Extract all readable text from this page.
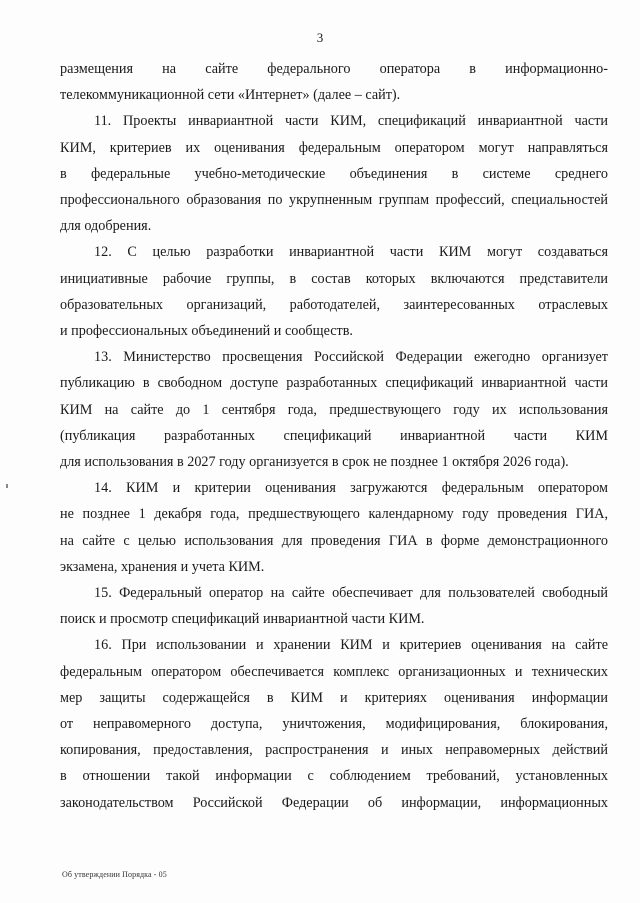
3

размещения на сайте федерального оператора в информационно-
телекоммуникационной сети «Интернет» (далее – сайт).

11. Проекты инвариантной части КИМ, спецификаций инвариантной части
КИМ, критериев их оценивания федеральным оператором могут направляться
в федеральные учебно-методические объединения в системе среднего
профессионального образования по укрупненным группам профессий, специальностей
для одобрения.

12. С целью разработки инвариантной части КИМ могут создаваться
инициативные рабочие группы, в состав которых включаются представители
образовательных организаций, работодателей, заинтересованных отраслевых
и профессиональных объединений и сообществ.

13. Министерство просвещения Российской Федерации ежегодно организует
публикацию в свободном доступе разработанных спецификаций инвариантной части
КИМ на сайте до 1 сентября года, предшествующего году их использования
(публикация разработанных спецификаций инвариантной части КИМ
для использования в 2027 году организуется в срок не позднее 1 октября 2026 года).

14. КИМ и критерии оценивания загружаются федеральным оператором
не позднее 1 декабря года, предшествующего календарному году проведения ГИА,
на сайте с целью использования для проведения ГИА в форме демонстрационного
экзамена, хранения и учета КИМ.

15. Федеральный оператор на сайте обеспечивает для пользователей свободный
поиск и просмотр спецификаций инвариантной части КИМ.

16. При использовании и хранении КИМ и критериев оценивания на сайте
федеральным оператором обеспечивается комплекс организационных и технических
мер защиты содержащейся в КИМ и критериях оценивания информации
от неправомерного доступа, уничтожения, модифицирования, блокирования,
копирования, предоставления, распространения и иных неправомерных действий
в отношении такой информации с соблюдением требований, установленных
законодательством Российской Федерации об информации, информационных

Об утверждении Порядка - 05
